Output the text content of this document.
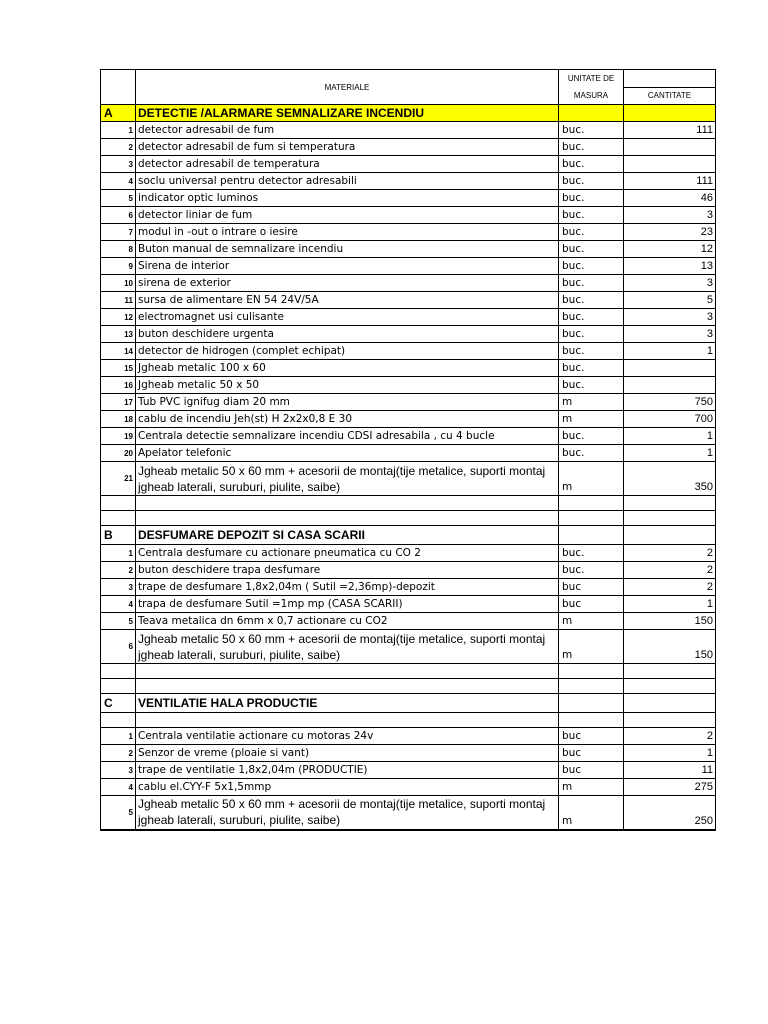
	MATERIALE	UNITATE DE MASURA	
			CANTITATE
A	DETECTIE /ALARMARE SEMNALIZARE INCENDIU		
1	detector adresabil de fum	buc.	111
2	detector adresabil de fum si temperatura	buc.	
3	detector adresabil de temperatura	buc.	
4	soclu universal pentru detector adresabili	buc.	111
5	indicator optic luminos	buc.	46
6	detector liniar de fum	buc.	3
7	modul in -out o intrare o iesire	buc.	23
8	Buton manual de semnalizare incendiu	buc.	12
9	Sirena de interior	buc.	13
10	sirena de exterior	buc.	3
11	sursa de alimentare EN 54 24V/5A	buc.	5
12	electromagnet usi culisante	buc.	3
13	buton deschidere urgenta	buc.	3
14	detector de hidrogen (complet echipat)	buc.	1
15	Jgheab metalic 100 x 60	buc.	
16	Jgheab metalic 50 x 50	buc.	
17	Tub PVC ignifug diam 20 mm	m	750
18	cablu de incendiu Jeh(st) H 2x2x0,8 E 30	m	700
19	Centrala detectie semnalizare incendiu CDSI adresabila , cu 4 bucle	buc.	1
20	Apelator telefonic	buc.	1
21	Jgheab metalic 50 x 60 mm + acesorii de montaj(tije metalice, suporti montaj jgheab laterali, suruburi, piulite, saibe)	m	350

B	DESFUMARE DEPOZIT SI CASA SCARII		
1	Centrala desfumare cu actionare pneumatica cu CO 2	buc.	2
2	buton deschidere trapa desfumare	buc.	2
3	trape de desfumare 1,8x2,04m ( Sutil =2,36mp)-depozit	buc	2
4	trapa de desfumare Sutil =1mp mp (CASA SCARII)	buc	1
5	Teava metalica dn 6mm x 0,7 actionare cu CO2	m	150
6	Jgheab metalic 50 x 60 mm + acesorii de montaj(tije metalice, suporti montaj jgheab laterali, suruburi, piulite, saibe)	m	150

C	VENTILATIE HALA PRODUCTIE		

1	Centrala ventilatie actionare cu motoras 24v	buc	2
2	Senzor de vreme (ploaie si vant)	buc	1
3	trape de ventilatie 1,8x2,04m (PRODUCTIE)	buc	11
4	cablu el.CYY-F 5x1,5mmp	m	275
5	Jgheab metalic 50 x 60 mm + acesorii de montaj(tije metalice, suporti montaj jgheab laterali, suruburi, piulite, saibe)	m	250
